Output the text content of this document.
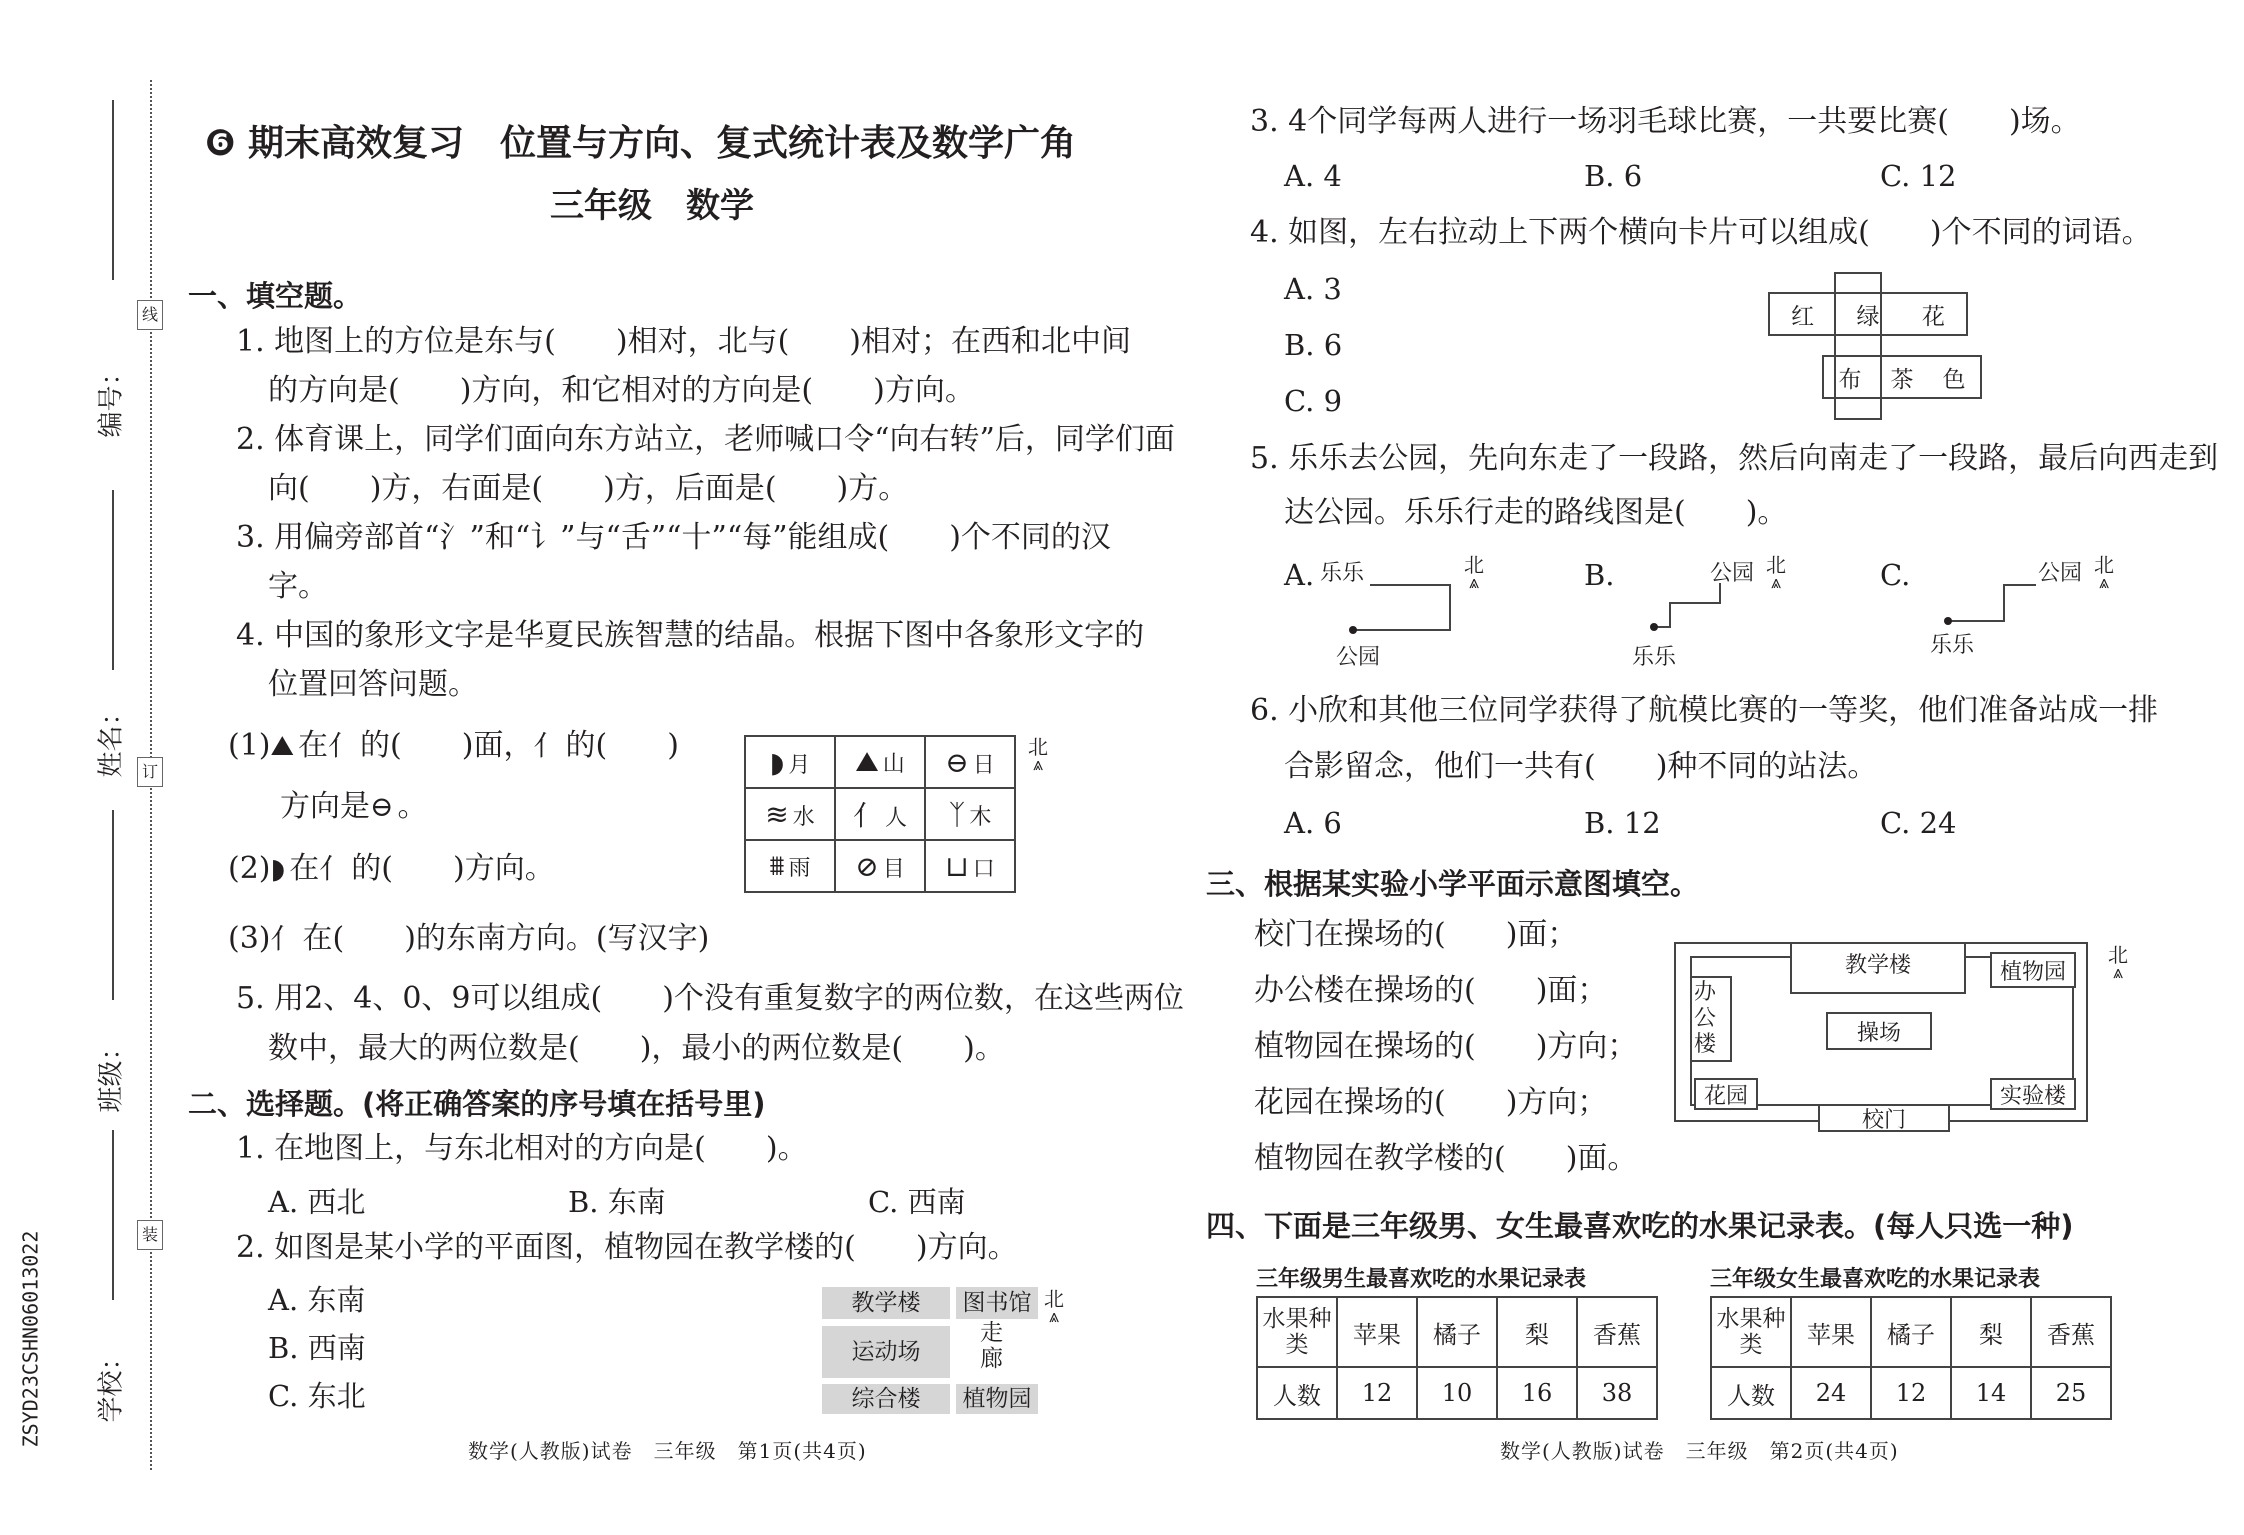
编号：
姓名：
班级：
学校：
线
订
装
ZSYD23CSHN06013022
❻ 期末高效复习　位置与方向、复式统计表及数学广角
三年级　数学
一、填空题。
1. 地图上的方位是东与(　　)相对，北与(　　)相对；在西和北中间
的方向是(　　)方向，和它相对的方向是(　　)方向。
2. 体育课上，同学们面向东方站立，老师喊口令“向右转”后，同学们面
向(　　)方，右面是(　　)方，后面是(　　)方。
3. 用偏旁部首“氵”和“讠”与“舌”“十”“每”能组成(　　)个不同的汉
字。
4. 中国的象形文字是华夏民族智慧的结晶。根据下图中各象形文字的
位置回答问题。
(1)⛰ 在⺅ 的(　　)面，⺅ 的(　　)
方向是⊖ 。
(2)◗ 在⺅ 的(　　)方向。
(3)⺅ 在(　　)的东南方向。(写汉字)
◗ 月	⛰ 山	⊖ 日
≋ 水	⺅ 人	ᛉ 木
⩩ 雨	⊘ 目	⊔ 口
北
⩓
5. 用2、4、0、9可以组成(　　)个没有重复数字的两位数，在这些两位
数中，最大的两位数是(　　)，最小的两位数是(　　)。
二、选择题。(将正确答案的序号填在括号里)
1. 在地图上，与东北相对的方向是(　　)。
A. 西北	B. 东南	C. 西南
2. 如图是某小学的平面图，植物园在教学楼的(　　)方向。
A. 东南
B. 西南
C. 东北
教学楼	图书馆
运动场
走廊
综合楼	植物园
北
⩓
数学(人教版)试卷　三年级　第1页(共4页)
3. 4个同学每两人进行一场羽毛球比赛，一共要比赛(　　)场。
A. 4	B. 6	C. 12
4. 如图，左右拉动上下两个横向卡片可以组成(　　)个不同的词语。
A. 3
B. 6
C. 9
红 绿 花
布 茶 色
5. 乐乐去公园，先向东走了一段路，然后向南走了一段路，最后向西走到
达公园。乐乐行走的路线图是(　　)。
A. 乐乐
公园
北
⩓	B.	公园 北
⩓
乐乐
C.	公园 北
⩓
乐乐
6. 小欣和其他三位同学获得了航模比赛的一等奖，他们准备站成一排
合影留念，他们一共有(　　)种不同的站法。
A. 6	B. 12	C. 24
三、根据某实验小学平面示意图填空。
校门在操场的(　　)面；
办公楼在操场的(　　)面；
植物园在操场的(　　)方向；
花园在操场的(　　)方向；
植物园在教学楼的(　　)面。
教学楼	植物园
办公楼	操场
花园	实验楼
校门
北
⩓
四、下面是三年级男、女生最喜欢吃的水果记录表。(每人只选一种)
三年级男生最喜欢吃的水果记录表
水果种类	苹果	橘子	梨	香蕉
人数	12	10	16	38
三年级女生最喜欢吃的水果记录表
水果种类	苹果	橘子	梨	香蕉
人数	24	12	14	25
数学(人教版)试卷　三年级　第2页(共4页)
